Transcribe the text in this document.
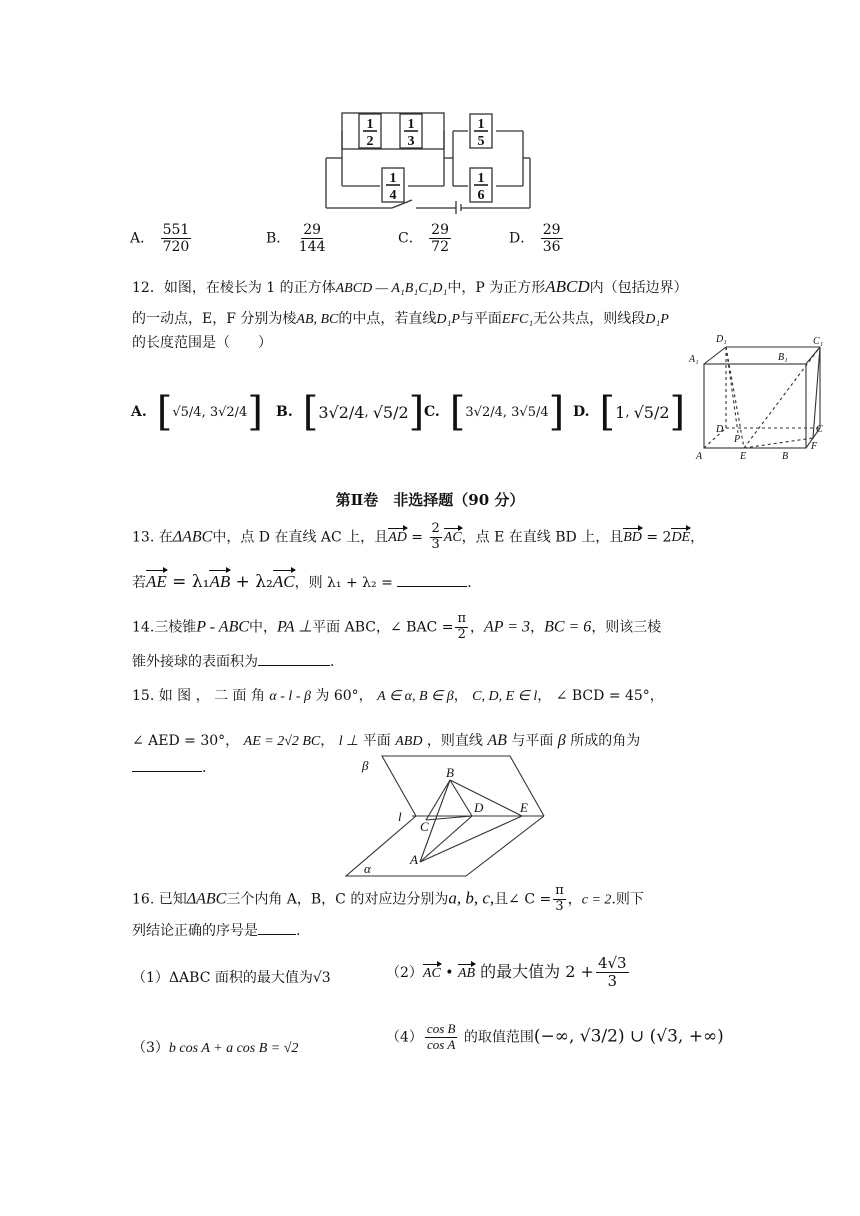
1
2
1
3
1
4
1
5
1
6
A． $\frac{551}{720}$	B． $\frac{29}{144}$	C． $\frac{29}{72}$	D． $\frac{29}{36}$
12．如图，在棱长为 1 的正方体ABCD — A₁B₁C₁D₁中，P 为正方形ABCD内（包括边界）
的一动点，E，F 分别为棱AB, BC的中点，若直线D₁P与平面EFC₁无公共点，则线段D₁P
的长度范围是（　　）
A. [ √5/4 , 3√2/4 ] B. [ 3√2/4 , √5/2 ] C. [ 3√2/4 , 3√5/4 ] D. [ 1 , √5/2 ]
D₁	C₁
A₁	B₁
D
P
C
F
A	E	B
第Ⅱ卷　非选择题（90 分）
13. 在ΔABC中，点 D 在直线 AC 上，且AD = $\frac{2}{3}$ AC，点 E 在直线 BD 上，且BD = 2DE，
若AE = λ₁AB + λ₂AC，则 λ₁ + λ₂ =	.
14.三棱锥P - ABC中，PA ⊥平面 ABC，∠ BAC = $\frac{\pi}{2}$ ，AP = 3，BC = 6，则该三棱
锥外接球的表面积为	.
15. 如 图 ， 二 面 角 α - l - β 为 60°， A ∈ α, B ∈ β， C, D, E ∈ l， ∠ BCD = 45°，
∠ AED = 30°， AE = 2√2 BC， l ⊥ 平面 ABD ，则直线 AB 与平面 β 所成的角为
.	β	B
D	E
l
C
A
α
16. 已知ΔABC三个内角 A，B，C 的对应边分别为a, b, c,且∠ $C = \frac{\pi}{3}$ ，c = 2.则下
列结论正确的序号是	.
（1）ΔABC 面积的最大值为√3	（2）AC • AB 的最大值为 $2 + \frac{4√3}{3}$
（3）b cos A + a cos B = √2
$(4) \frac{\text{cos B}}{\text{cos A}}$ 的取值范围(−∞, √3/2) ∪ (√3, +∞)
